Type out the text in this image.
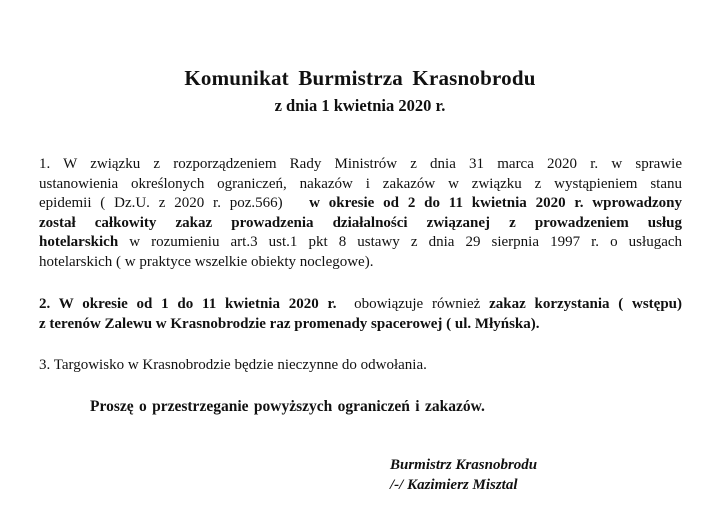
Komunikat Burmistrza Krasnobrodu
z dnia 1 kwietnia 2020 r.
1. W związku z rozporządzeniem Rady Ministrów z dnia 31 marca 2020 r. w sprawie
ustanowienia określonych ograniczeń, nakazów i zakazów w związku z wystąpieniem stanu
epidemii ( Dz.U. z 2020 r. poz.566) w okresie od 2 do 11 kwietnia 2020 r. wprowadzony
został całkowity zakaz prowadzenia działalności związanej z prowadzeniem usług
hotelarskich w rozumieniu art.3 ust.1 pkt 8 ustawy z dnia 29 sierpnia 1997 r. o usługach
hotelarskich ( w praktyce wszelkie obiekty noclegowe).
2. W okresie od 1 do 11 kwietnia 2020 r. obowiązuje również zakaz korzystania ( wstępu)
z terenów Zalewu w Krasnobrodzie raz promenady spacerowej ( ul. Młyńska).
3. Targowisko w Krasnobrodzie będzie nieczynne do odwołania.
Proszę o przestrzeganie powyższych ograniczeń i zakazów.
Burmistrz Krasnobrodu
/-/ Kazimierz Misztal
